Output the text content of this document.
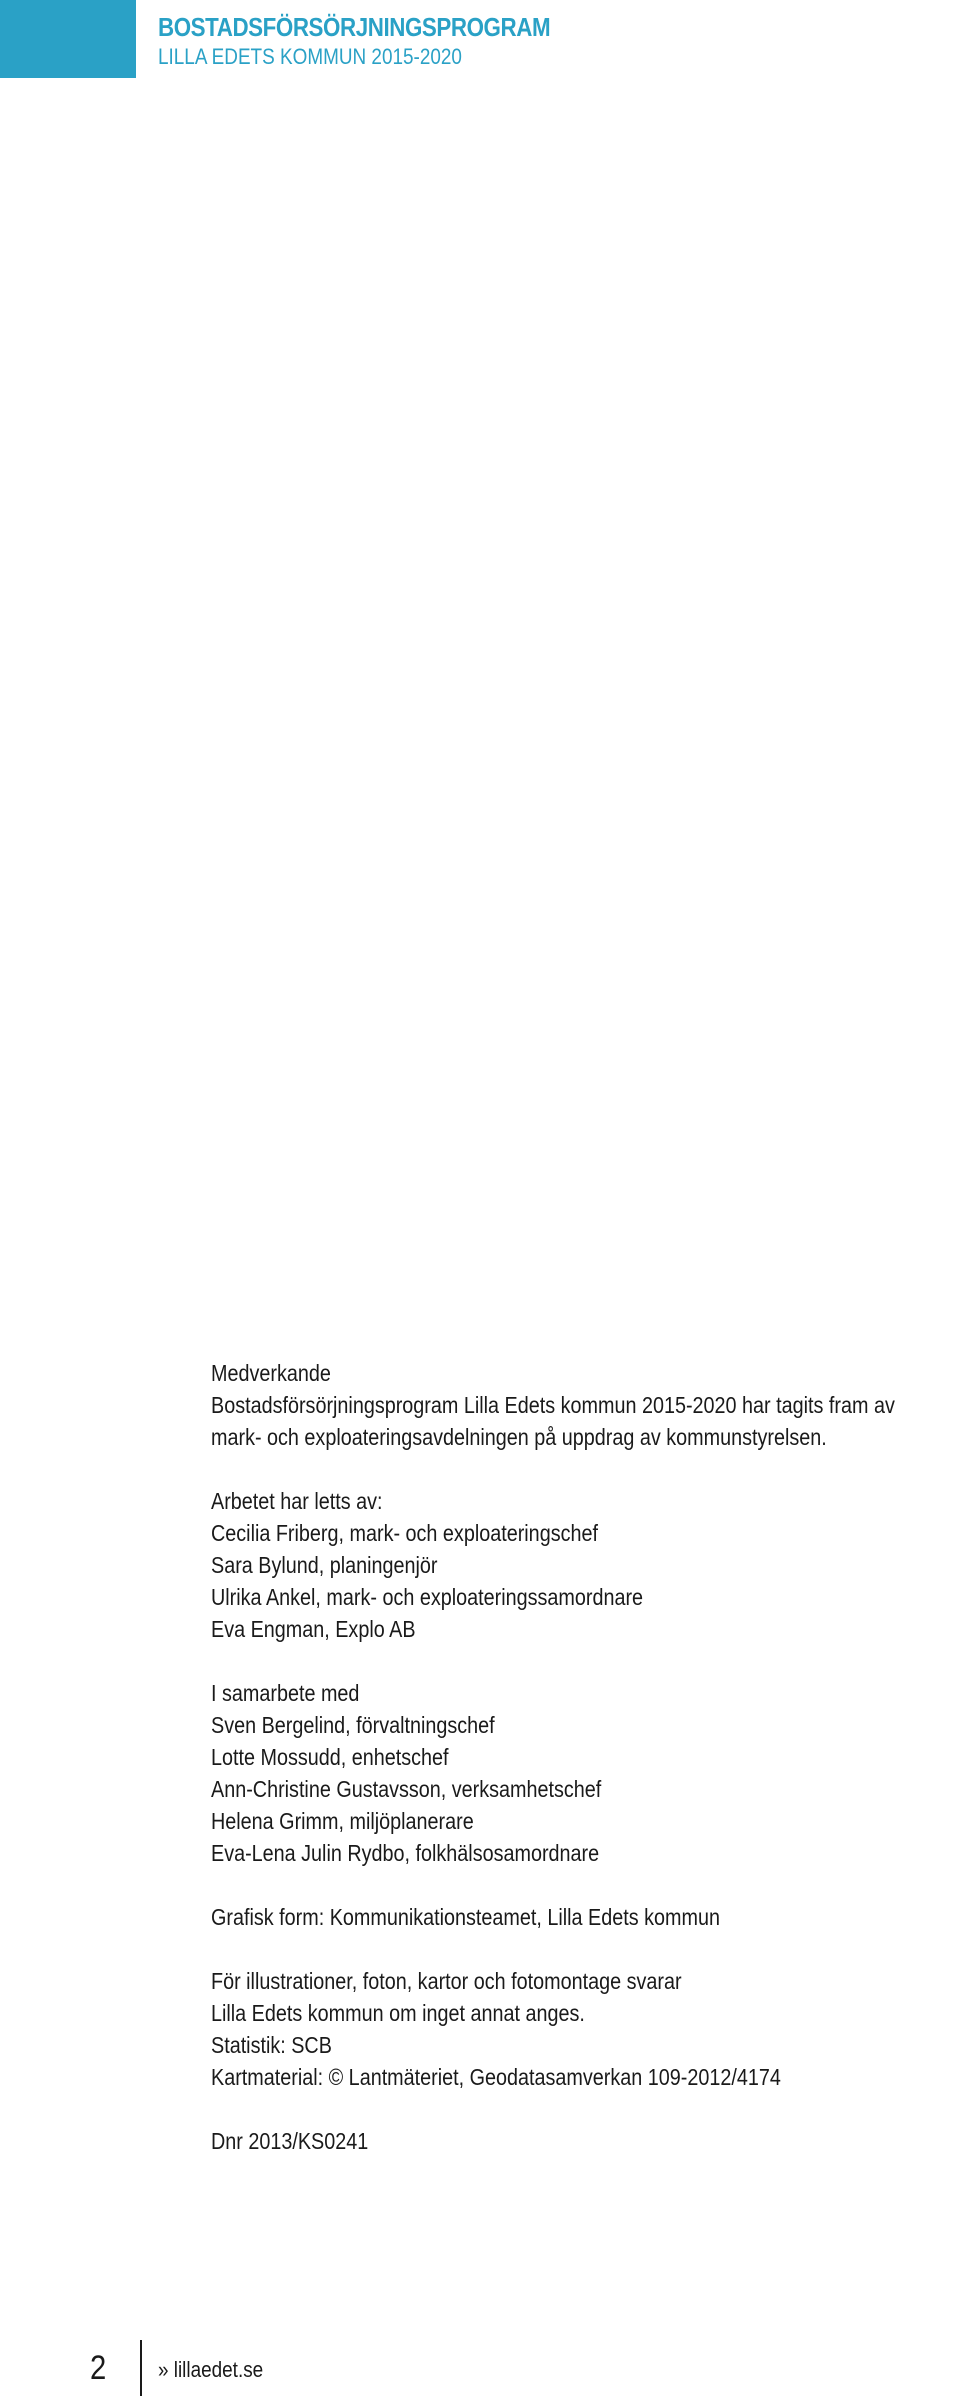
BOSTADSFÖRSÖRJNINGSPROGRAM
LILLA EDETS KOMMUN 2015-2020

Medverkande

Bostadsförsörjningsprogram Lilla Edets kommun 2015-2020 har tagits fram av

mark- och exploateringsavdelningen på uppdrag av kommunstyrelsen.

Arbetet har letts av:

Cecilia Friberg, mark- och exploateringschef

Sara Bylund, planingenjör

Ulrika Ankel, mark- och exploateringssamordnare

Eva Engman, Explo AB

I samarbete med

Sven Bergelind, förvaltningschef

Lotte Mossudd, enhetschef

Ann-Christine Gustavsson, verksamhetschef

Helena Grimm, miljöplanerare

Eva-Lena Julin Rydbo, folkhälsosamordnare

Grafisk form: Kommunikationsteamet, Lilla Edets kommun

För illustrationer, foton, kartor och fotomontage svarar

Lilla Edets kommun om inget annat anges.

Statistik: SCB

Kartmaterial: © Lantmäteriet, Geodatasamverkan 109-2012/4174

Dnr 2013/KS0241

2 » lillaedet.se
